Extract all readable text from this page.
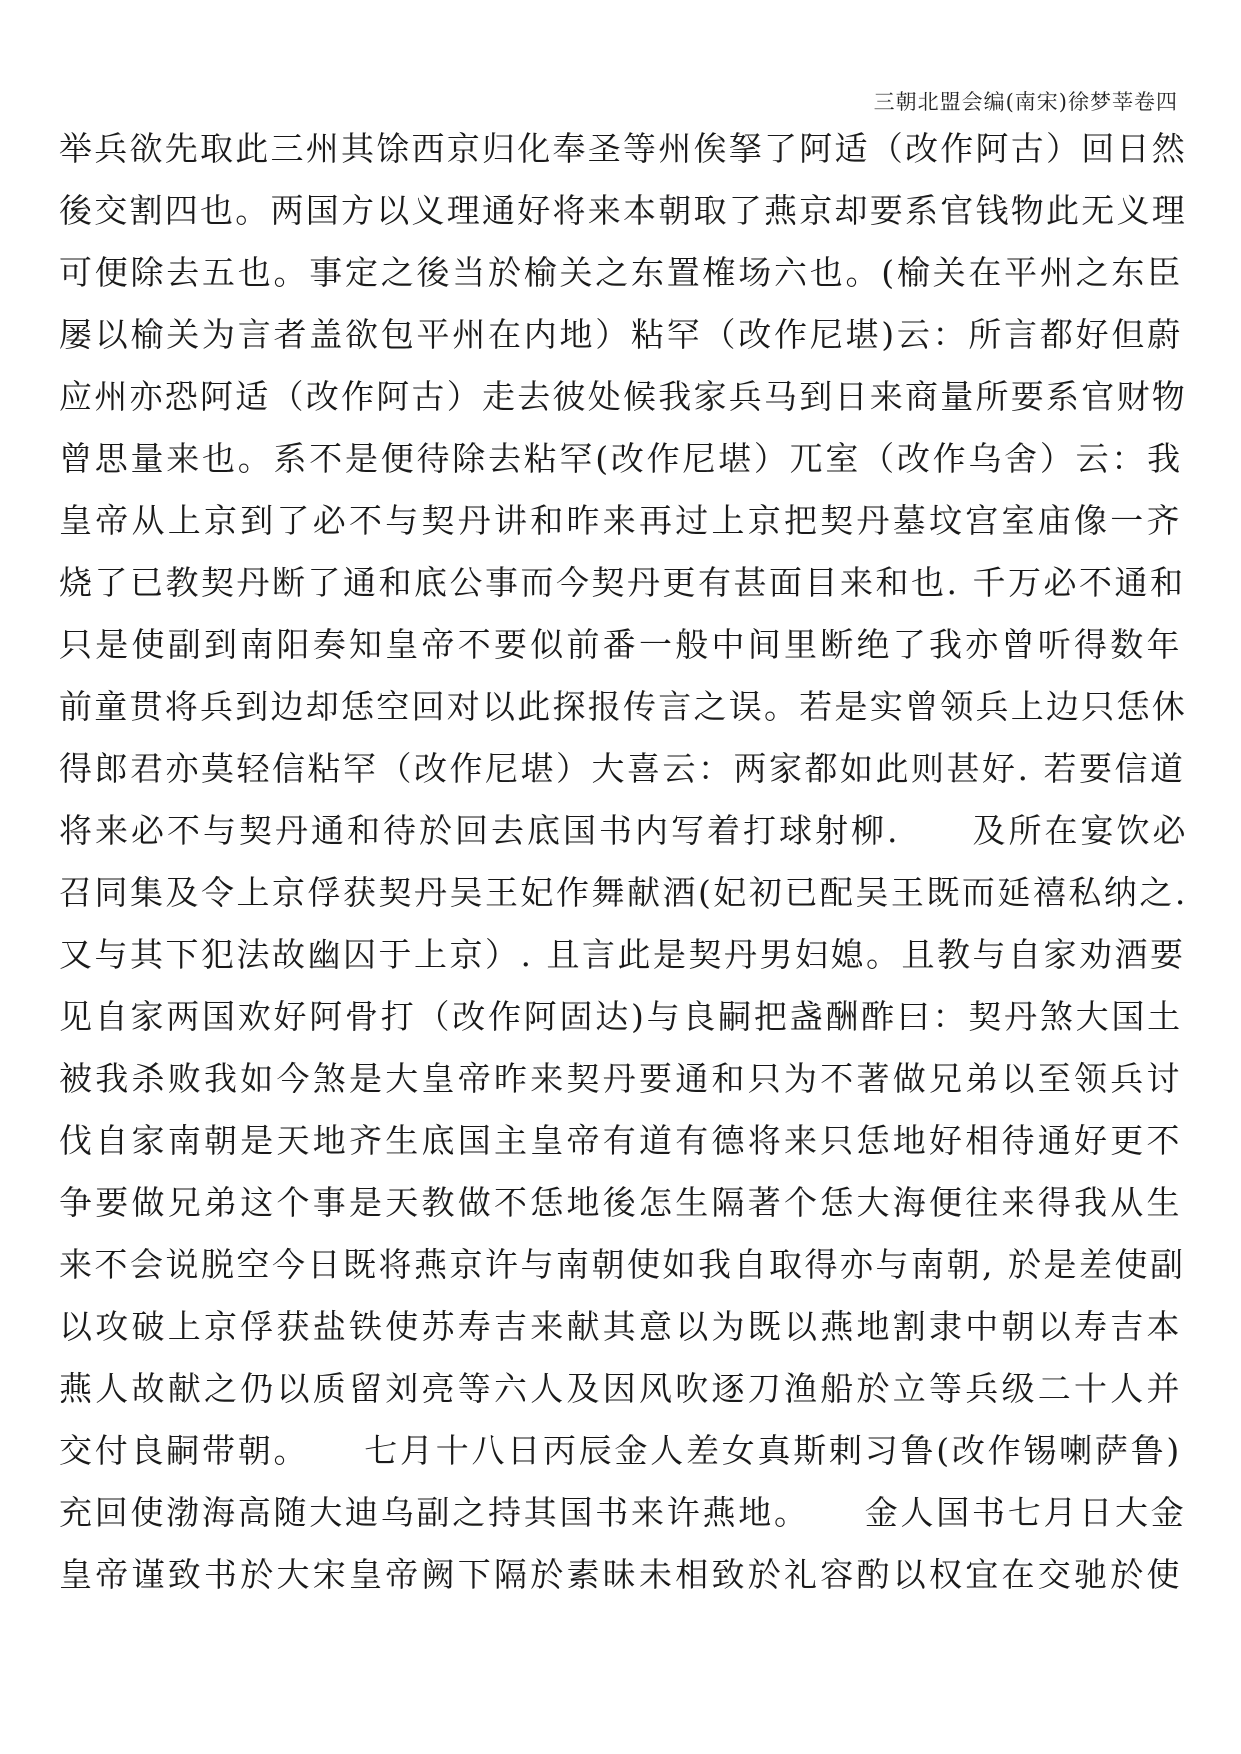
三朝北盟会编(南宋)徐梦莘卷四
举兵欲先取此三州其馀西京归化奉圣等州俟拏了阿适（改作阿古）回日然
後交割四也。两国方以义理通好将来本朝取了燕京却要系官钱物此无义理
可便除去五也。事定之後当於榆关之东置榷场六也。(榆关在平州之东臣
屡以榆关为言者盖欲包平州在内地）粘罕（改作尼堪)云：所言都好但蔚
应州亦恐阿适（改作阿古）走去彼处候我家兵马到日来商量所要系官财物
曾思量来也。系不是便待除去粘罕(改作尼堪）兀室（改作乌舍）云：我
皇帝从上京到了必不与契丹讲和昨来再过上京把契丹墓坟宫室庙像一齐
烧了已教契丹断了通和底公事而今契丹更有甚面目来和也. 千万必不通和
只是使副到南阳奏知皇帝不要似前番一般中间里断绝了我亦曾听得数年
前童贯将兵到边却恁空回对以此探报传言之误。若是实曾领兵上边只恁休
得郎君亦莫轻信粘罕（改作尼堪）大喜云：两家都如此则甚好. 若要信道
将来必不与契丹通和待於回去底国书内写着打球射柳.　　及所在宴饮必
召同集及令上京俘获契丹吴王妃作舞献酒(妃初已配吴王既而延禧私纳之.
又与其下犯法故幽囚于上京）. 且言此是契丹男妇媳。且教与自家劝酒要
见自家两国欢好阿骨打（改作阿固达)与良嗣把盏酬酢曰：契丹煞大国土
被我杀败我如今煞是大皇帝昨来契丹要通和只为不著做兄弟以至领兵讨
伐自家南朝是天地齐生底国主皇帝有道有德将来只恁地好相待通好更不
争要做兄弟这个事是天教做不恁地後怎生隔著个恁大海便往来得我从生
来不会说脱空今日既将燕京许与南朝使如我自取得亦与南朝, 於是差使副
以攻破上京俘获盐铁使苏寿吉来献其意以为既以燕地割隶中朝以寿吉本
燕人故献之仍以质留刘亮等六人及因风吹逐刀渔船於立等兵级二十人并
交付良嗣带朝。　　七月十八日丙辰金人差女真斯剌习鲁(改作锡喇萨鲁)
充回使渤海高随大迪乌副之持其国书来许燕地。　　金人国书七月日大金
皇帝谨致书於大宋皇帝阙下隔於素昧未相致於礼容酌以权宜在交驰於使
